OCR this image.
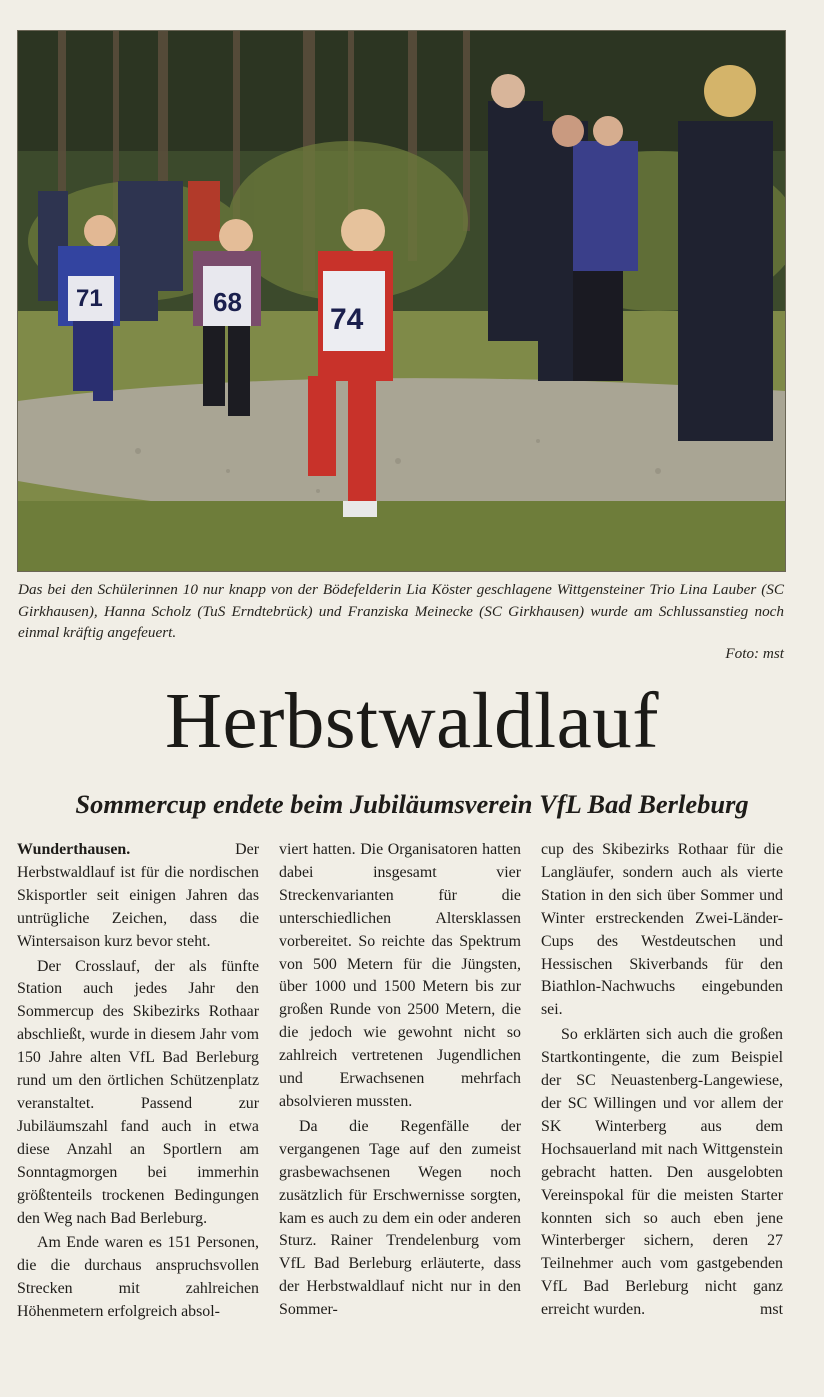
71	68
74
Das bei den Schülerinnen 10 nur knapp von der Bödefelderin Lia Köster geschlagene Wittgensteiner Trio Lina Lauber (SC Girkhausen), Hanna Scholz (TuS Erndtebrück) und Franziska Meinecke (SC Girkhausen) wurde am Schlussanstieg noch einmal kräftig angefeuert.
Foto: mst
Herbstwaldlauf
Sommercup endete beim Jubiläumsverein VfL Bad Berleburg

Wunderthausen.	Der Herbstwaldlauf ist für die nordischen Skisportler seit einigen Jahren das untrügliche Zeichen, dass die Wintersaison kurz bevor steht.

Der Crosslauf, der als fünfte Station auch jedes Jahr den Sommercup des Skibezirks Rothaar abschließt, wurde in diesem Jahr vom 150 Jahre alten VfL Bad Berleburg rund um den örtlichen Schützenplatz veranstaltet. Passend zur Jubiläumszahl fand auch in etwa diese Anzahl an Sportlern am Sonntagmorgen bei immerhin größtenteils trockenen Bedingungen den Weg nach Bad Berleburg.

Am Ende waren es 151 Personen, die die durchaus anspruchsvollen Strecken mit zahlreichen Höhenmetern erfolgreich absol-

viert hatten. Die Organisatoren hatten dabei insgesamt vier Streckenvarianten für die unterschiedlichen Altersklassen vorbereitet. So reichte das Spektrum von 500 Metern für die Jüngsten, über 1000 und 1500 Metern bis zur großen Runde von 2500 Metern, die die jedoch wie gewohnt nicht so zahlreich vertretenen Jugendlichen und Erwachsenen mehrfach absolvieren mussten.

Da die Regenfälle der vergangenen Tage auf den zumeist grasbewachsenen Wegen noch zusätzlich für Erschwernisse sorgten, kam es auch zu dem ein oder anderen Sturz. Rainer Trendelenburg vom VfL Bad Berleburg erläuterte, dass der Herbstwaldlauf nicht nur in den Sommer-

cup des Skibezirks Rothaar für die Langläufer, sondern auch als vierte Station in den sich über Sommer und Winter erstreckenden Zwei-Länder-Cups des Westdeutschen und Hessischen Skiverbands für den Biathlon-Nachwuchs eingebunden sei.

So erklärten sich auch die großen Startkontingente, die zum Beispiel der SC Neuastenberg-Langewiese, der SC Willingen und vor allem der SK Winterberg aus dem Hochsauerland mit nach Wittgenstein gebracht hatten. Den ausgelobten Vereinspokal für die meisten Starter konnten sich so auch eben jene Winterberger sichern, deren 27 Teilnehmer auch vom gastgebenden VfL Bad Berleburg nicht ganz erreicht wurden.	mst
